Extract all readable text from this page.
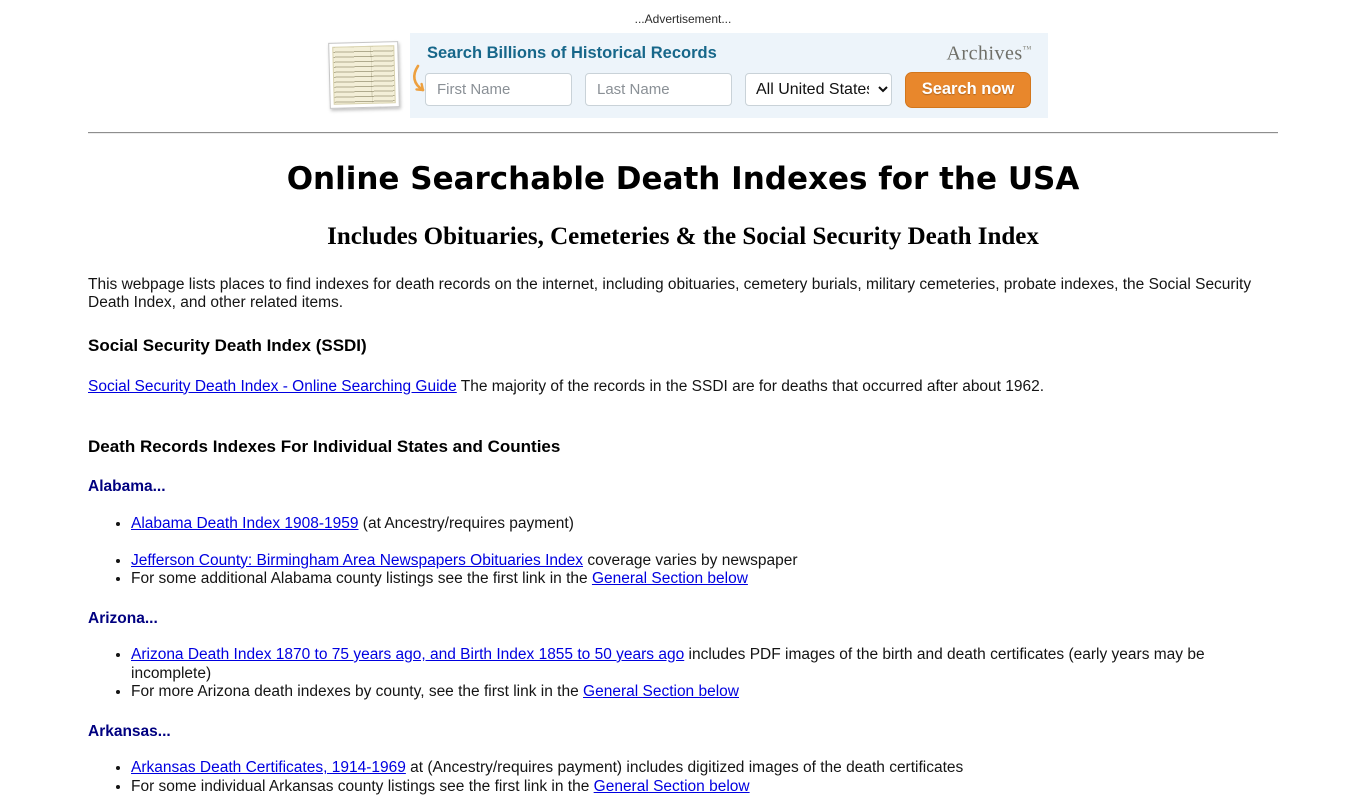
...Advertisement...
Search Billions of Historical Records	Archives™
First Name
Last Name
All United States
Search now
Online Searchable Death Indexes for the USA
Includes Obituaries, Cemeteries & the Social Security Death Index

This webpage lists places to find indexes for death records on the internet, including obituaries, cemetery burials, military cemeteries, probate indexes, the Social Security Death Index, and other related items.

Social Security Death Index (SSDI)

Social Security Death Index - Online Searching Guide The majority of the records in the SSDI are for deaths that occurred after about 1962.

Death Records Indexes For Individual States and Counties

Alabama...

• Alabama Death Index 1908-1959 (at Ancestry/requires payment)
• Jefferson County: Birmingham Area Newspapers Obituaries Index coverage varies by newspaper
• For some additional Alabama county listings see the first link in the General Section below

Arizona...

• Arizona Death Index 1870 to 75 years ago, and Birth Index 1855 to 50 years ago includes PDF images of the birth and death certificates (early years may be incomplete)
• For more Arizona death indexes by county, see the first link in the General Section below

Arkansas...

• Arkansas Death Certificates, 1914-1969 at (Ancestry/requires payment) includes digitized images of the death certificates
• For some individual Arkansas county listings see the first link in the General Section below
